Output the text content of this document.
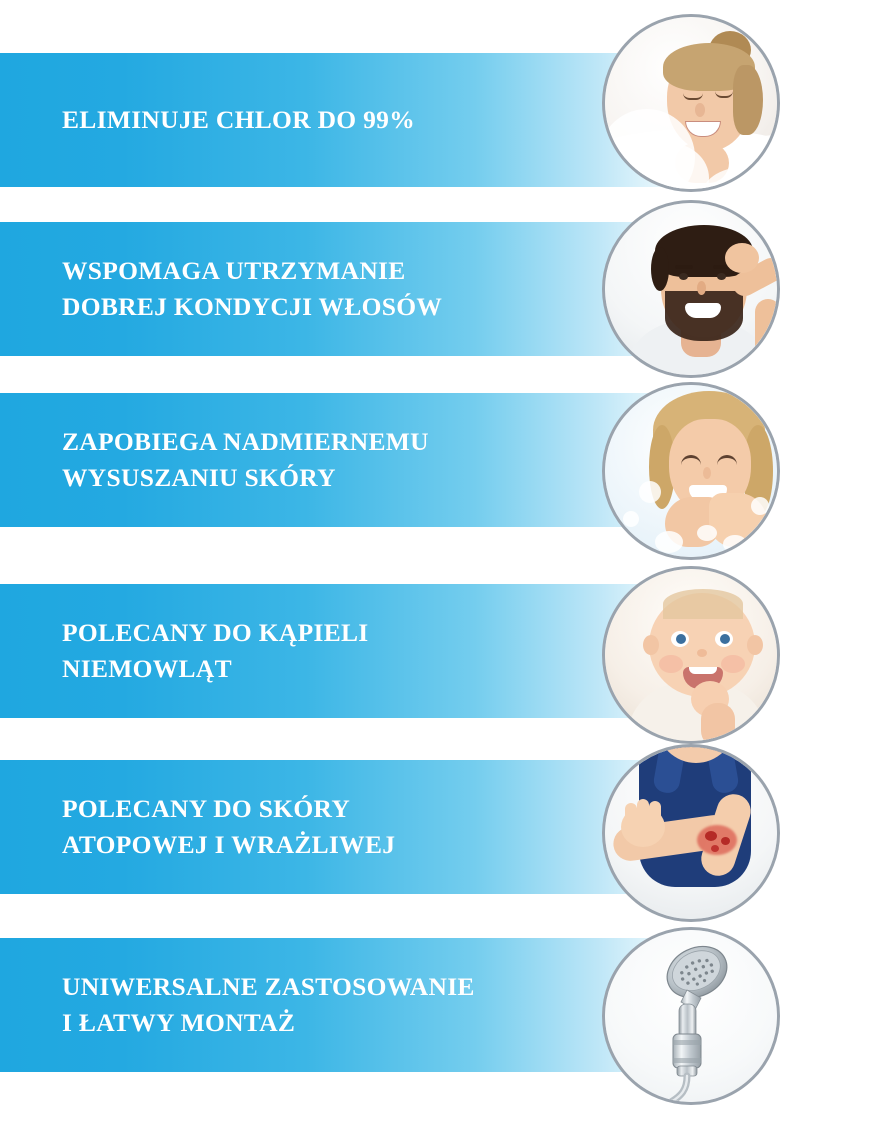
ELIMINUJE CHLOR DO 99%
WSPOMAGA UTRZYMANIE
DOBREJ KONDYCJI WŁOSÓW
ZAPOBIEGA NADMIERNEMU
WYSUSZANIU SKÓRY
POLECANY DO KĄPIELI
NIEMOWLĄT
POLECANY DO SKÓRY
ATOPOWEJ I WRAŻLIWEJ
UNIWERSALNE ZASTOSOWANIE
I ŁATWY MONTAŻ
